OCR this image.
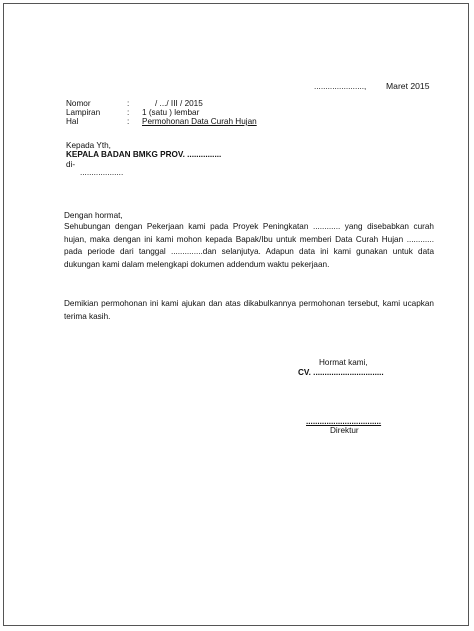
......................, Maret 2015
Nomor	:	/ .../ III / 2015
Lampiran	: 1 (satu ) lembar
Hal	: Permohonan Data Curah Hujan
Kepada Yth,
KEPALA BADAN BMKG PROV. ...............
di-
...................
Dengan hormat,
Sehubungan dengan Pekerjaan kami pada Proyek Peningkatan ............ yang disebabkan curah hujan, maka dengan ini kami mohon kepada Bapak/Ibu untuk memberi Data Curah Hujan ............ pada periode dari tanggal ..............dan selanjutya. Adapun data ini kami gunakan untuk data dukungan kami dalam melengkapi dokumen addendum waktu pekerjaan.
Demikian permohonan ini kami ajukan dan atas dikabulkannya permohonan tersebut, kami ucapkan terima kasih.
Hormat kami,
CV. ...............................
.................................
Direktur
